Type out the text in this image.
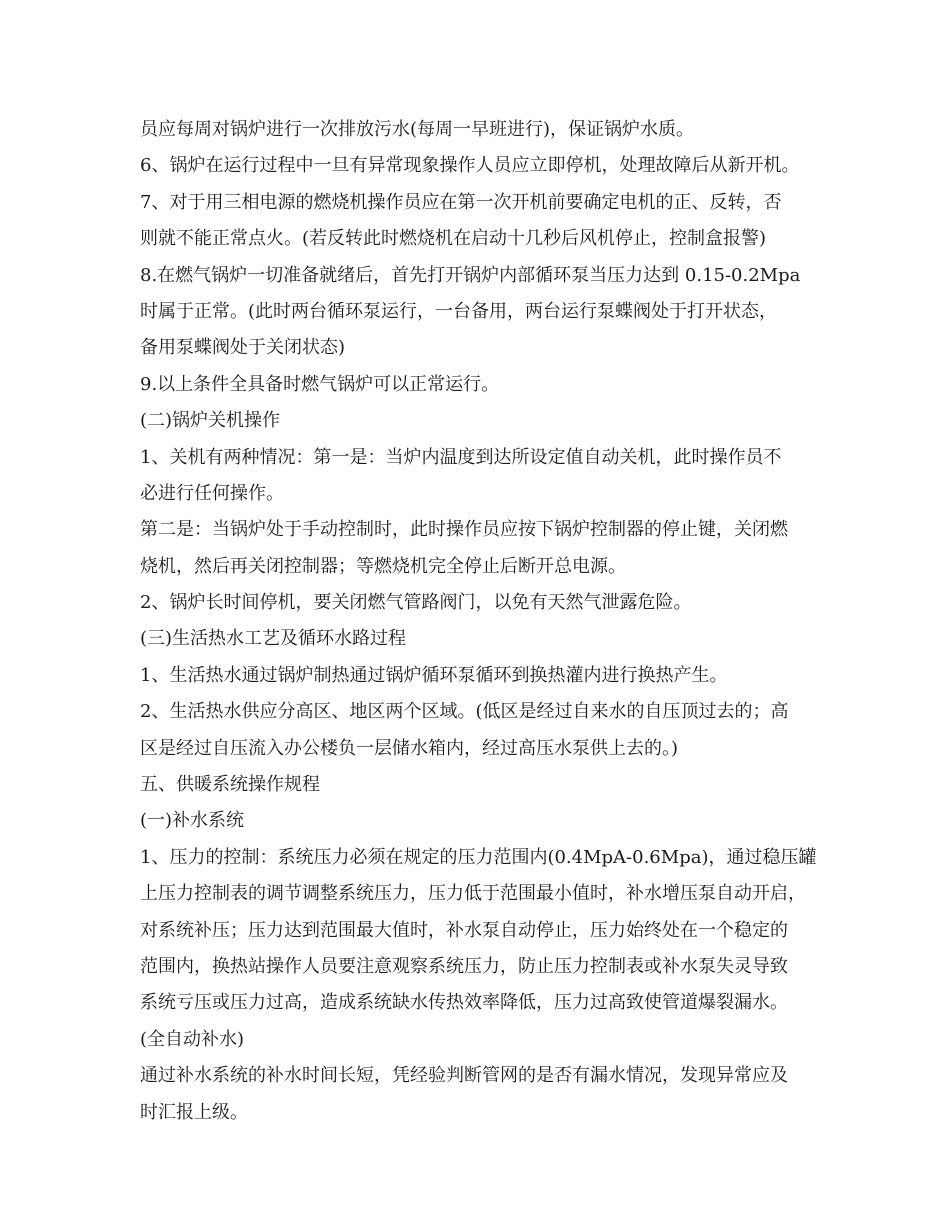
员应每周对锅炉进行一次排放污水(每周一早班进行)，保证锅炉水质。
6、锅炉在运行过程中一旦有异常现象操作人员应立即停机，处理故障后从新开机。
7、对于用三相电源的燃烧机操作员应在第一次开机前要确定电机的正、反转，否
则就不能正常点火。(若反转此时燃烧机在启动十几秒后风机停止，控制盒报警)
8.在燃气锅炉一切准备就绪后，首先打开锅炉内部循环泵当压力达到 0.15-0.2Mpa
时属于正常。(此时两台循环泵运行，一台备用，两台运行泵蝶阀处于打开状态，
备用泵蝶阀处于关闭状态)
9.以上条件全具备时燃气锅炉可以正常运行。
(二)锅炉关机操作
1、关机有两种情况：第一是：当炉内温度到达所设定值自动关机，此时操作员不
必进行任何操作。
第二是：当锅炉处于手动控制时，此时操作员应按下锅炉控制器的停止键，关闭燃
烧机，然后再关闭控制器；等燃烧机完全停止后断开总电源。
2、锅炉长时间停机，要关闭燃气管路阀门，以免有天然气泄露危险。
(三)生活热水工艺及循环水路过程
1、生活热水通过锅炉制热通过锅炉循环泵循环到换热灌内进行换热产生。
2、生活热水供应分高区、地区两个区域。(低区是经过自来水的自压顶过去的；高
区是经过自压流入办公楼负一层储水箱内，经过高压水泵供上去的。)
五、供暖系统操作规程
(一)补水系统
1、压力的控制：系统压力必须在规定的压力范围内(0.4MpA-0.6Mpa)，通过稳压罐
上压力控制表的调节调整系统压力，压力低于范围最小值时，补水增压泵自动开启，
对系统补压；压力达到范围最大值时，补水泵自动停止，压力始终处在一个稳定的
范围内，换热站操作人员要注意观察系统压力，防止压力控制表或补水泵失灵导致
系统亏压或压力过高，造成系统缺水传热效率降低，压力过高致使管道爆裂漏水。
(全自动补水)
通过补水系统的补水时间长短，凭经验判断管网的是否有漏水情况，发现异常应及
时汇报上级。
